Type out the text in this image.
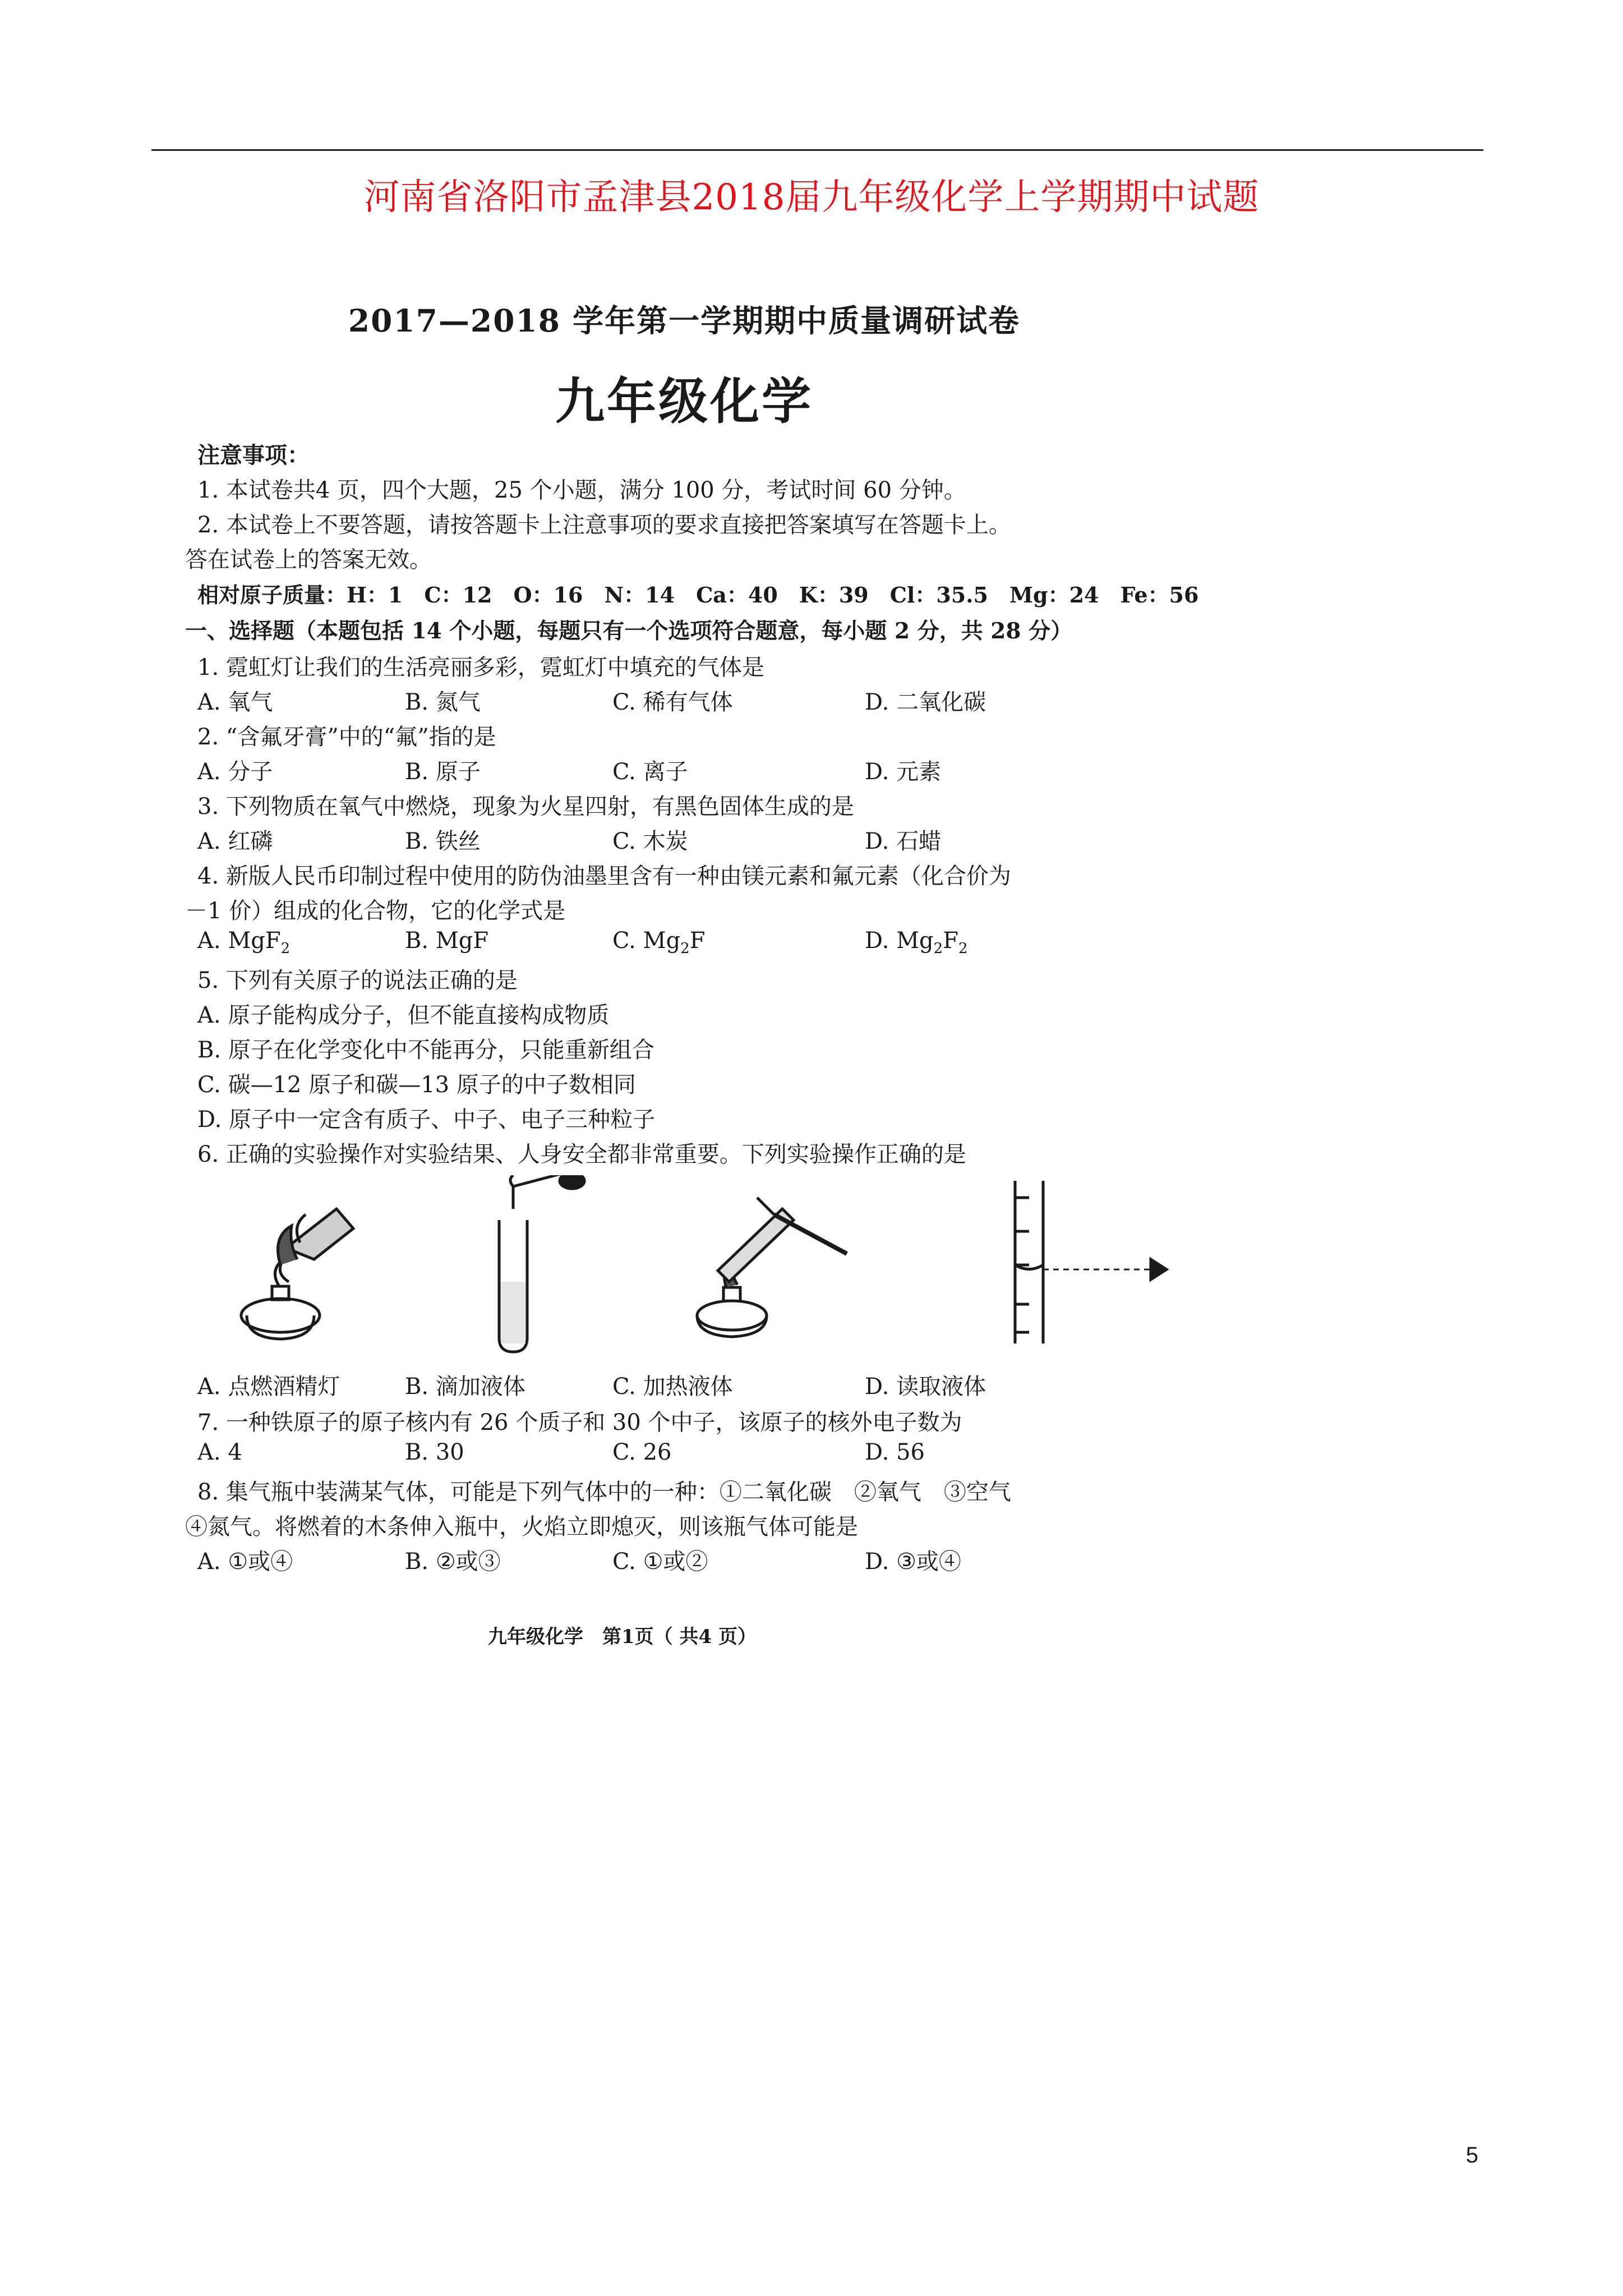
河南省洛阳市孟津县2018届九年级化学上学期期中试题
2017—2018 学年第一学期期中质量调研试卷
九年级化学
注意事项：
1. 本试卷共4 页，四个大题，25 个小题，满分 100 分，考试时间 60 分钟。
2. 本试卷上不要答题，请按答题卡上注意事项的要求直接把答案填写在答题卡上。
答在试卷上的答案无效。
相对原子质量：H：1　C：12　O：16　N：14　Ca：40　K：39　Cl：35.5　Mg：24　Fe：56
一、选择题（本题包括 14 个小题，每题只有一个选项符合题意，每小题 2 分，共 28 分）
1. 霓虹灯让我们的生活亮丽多彩，霓虹灯中填充的气体是
A. 氧气	B. 氮气	C. 稀有气体	D. 二氧化碳
2. “含氟牙膏”中的“氟”指的是
A. 分子	B. 原子	C. 离子	D. 元素
3. 下列物质在氧气中燃烧，现象为火星四射，有黑色固体生成的是
A. 红磷	B. 铁丝	C. 木炭	D. 石蜡
4. 新版人民币印制过程中使用的防伪油墨里含有一种由镁元素和氟元素（化合价为
－1 价）组成的化合物，它的化学式是
A. MgF$_2$	B. MgF	C. $Mg_2F$	D. $Mg_2F_2$
5. 下列有关原子的说法正确的是
A. 原子能构成分子，但不能直接构成物质
B. 原子在化学变化中不能再分，只能重新组合
C. 碳—12 原子和碳—13 原子的中子数相同
D. 原子中一定含有质子、中子、电子三种粒子
6. 正确的实验操作对实验结果、人身安全都非常重要。下列实验操作正确的是
A. 点燃酒精灯	B. 滴加液体	C. 加热液体	D. 读取液体
7. 一种铁原子的原子核内有 26 个质子和 30 个中子，该原子的核外电子数为
A. 4	B. 30	C. 26	D. 56
8. 集气瓶中装满某气体，可能是下列气体中的一种：①二氧化碳　②氧气　③空气
④氮气。将燃着的木条伸入瓶中，火焰立即熄灭，则该瓶气体可能是
A. ①或④	B. ②或③	C. ①或②	D. ③或④
九年级化学　第1页（ 共4 页）
5
